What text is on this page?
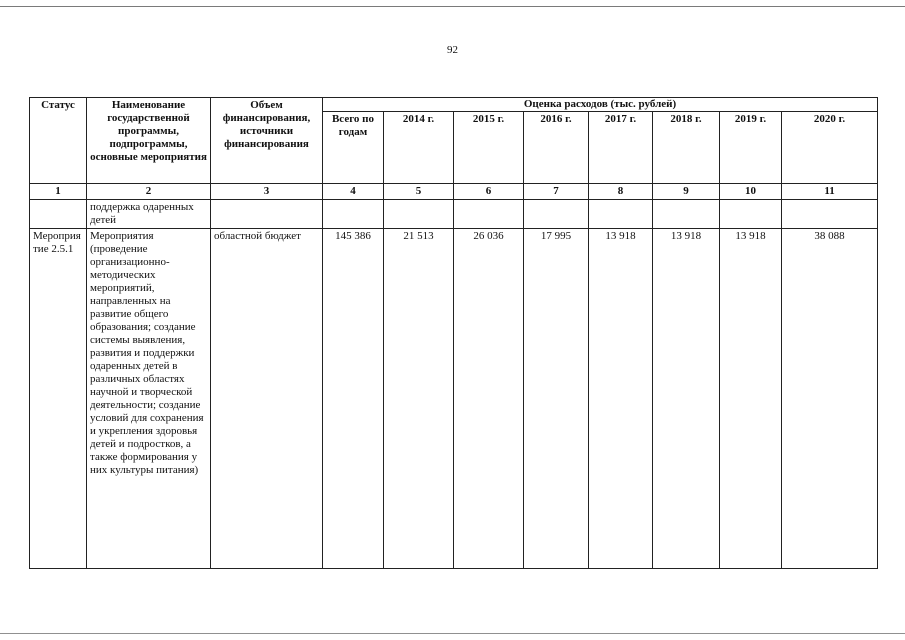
92
Статус	Наименование государственной программы, подпрограммы, основные мероприятия	Объем финансирования, источники финансирования	Оценка расходов (тыс. рублей)							
			Всего по годам	2014 г.	2015 г.	2016 г.	2017 г.	2018 г.	2019 г.	2020 г.
1	2	3	4	5	6	7	8	9	10	11
	поддержка одаренных детей									
Мероприятие 2.5.1	Мероприятия (проведение организационно-методических мероприятий, направленных на развитие общего образования; создание системы выявления, развития и поддержки одаренных детей в различных областях научной и творческой деятельности; создание условий для сохранения и укрепления здоровья детей и подростков, а также формирования у них культуры питания)	областной бюджет	145 386	21 513	26 036	17 995	13 918	13 918	13 918	38 088
